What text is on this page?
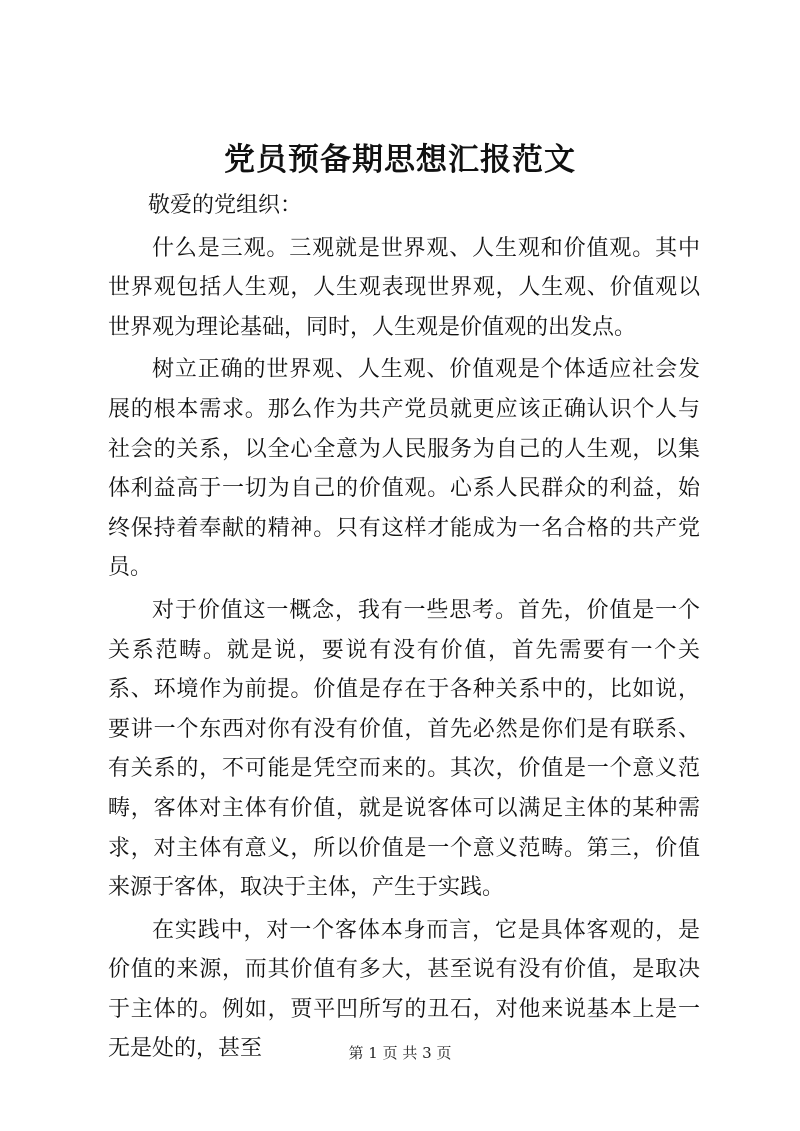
党员预备期思想汇报范文

敬爱的党组织：

什么是三观。三观就是世界观、人生观和价值观。其中世界观包括人生观，人生观表现世界观，人生观、价值观以世界观为理论基础，同时，人生观是价值观的出发点。

树立正确的世界观、人生观、价值观是个体适应社会发展的根本需求。那么作为共产党员就更应该正确认识个人与社会的关系，以全心全意为人民服务为自己的人生观，以集体利益高于一切为自己的价值观。心系人民群众的利益，始终保持着奉献的精神。只有这样才能成为一名合格的共产党员。

对于价值这一概念，我有一些思考。首先，价值是一个关系范畴。就是说，要说有没有价值，首先需要有一个关系、环境作为前提。价值是存在于各种关系中的，比如说，要讲一个东西对你有没有价值，首先必然是你们是有联系、有关系的，不可能是凭空而来的。其次，价值是一个意义范畴，客体对主体有价值，就是说客体可以满足主体的某种需求，对主体有意义，所以价值是一个意义范畴。第三，价值来源于客体，取决于主体，产生于实践。

在实践中，对一个客体本身而言，它是具体客观的，是价值的来源，而其价值有多大，甚至说有没有价值，是取决于主体的。例如，贾平凹所写的丑石，对他来说基本上是一无是处的，甚至	第 1 页 共 3 页
